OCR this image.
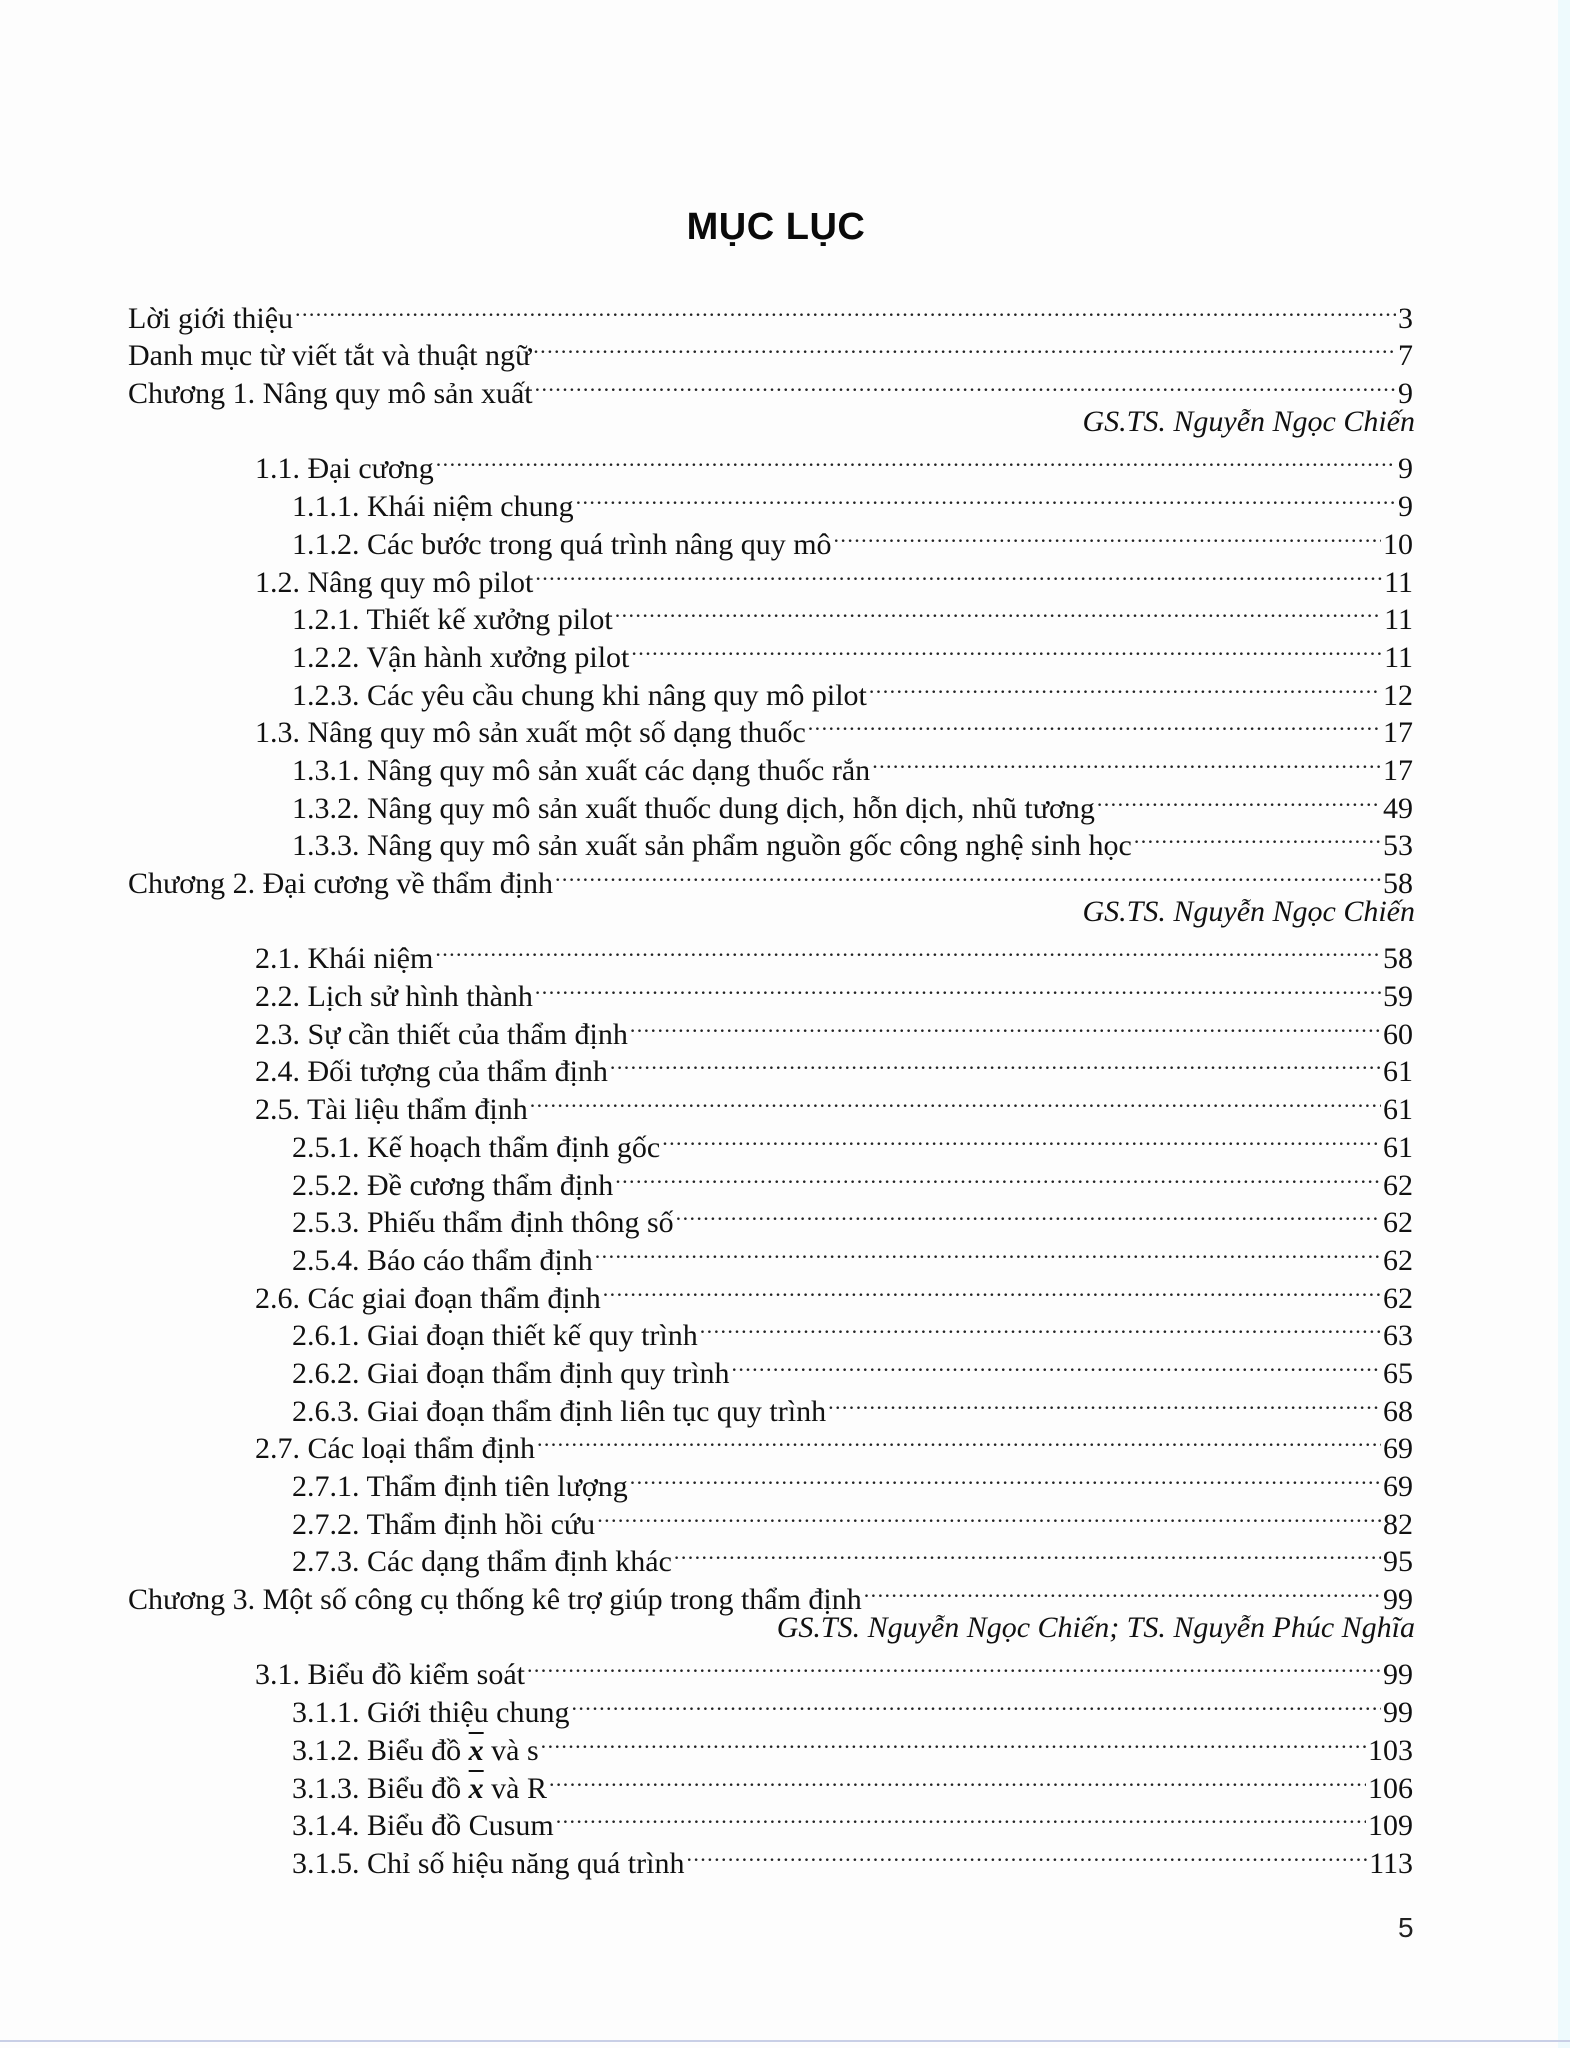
MỤC LỤC
Lời giới thiệu .....	3
Danh mục từ viết tắt và thuật ngữ .....	7
Chương 1. Nâng quy mô sản xuất .....	9
GS.TS. Nguyễn Ngọc Chiến
1.1. Đại cương .....	9
1.1.1. Khái niệm chung .....	9
1.1.2. Các bước trong quá trình nâng quy mô .....	10
1.2. Nâng quy mô pilot .....	11
1.2.1. Thiết kế xưởng pilot .....	11
1.2.2. Vận hành xưởng pilot .....	11
1.2.3. Các yêu cầu chung khi nâng quy mô pilot .....	12
1.3. Nâng quy mô sản xuất một số dạng thuốc .....	17
1.3.1. Nâng quy mô sản xuất các dạng thuốc rắn .....	17
1.3.2. Nâng quy mô sản xuất thuốc dung dịch, hỗn dịch, nhũ tương .....	49
1.3.3. Nâng quy mô sản xuất sản phẩm nguồn gốc công nghệ sinh học .....	53
Chương 2. Đại cương về thẩm định .....	58
GS.TS. Nguyễn Ngọc Chiến
2.1. Khái niệm .....	58
2.2. Lịch sử hình thành .....	59
2.3. Sự cần thiết của thẩm định .....	60
2.4. Đối tượng của thẩm định .....	61
2.5. Tài liệu thẩm định .....	61
2.5.1. Kế hoạch thẩm định gốc .....	61
2.5.2. Đề cương thẩm định .....	62
2.5.3. Phiếu thẩm định thông số .....	62
2.5.4. Báo cáo thẩm định .....	62
2.6. Các giai đoạn thẩm định .....	62
2.6.1. Giai đoạn thiết kế quy trình .....	63
2.6.2. Giai đoạn thẩm định quy trình .....	65
2.6.3. Giai đoạn thẩm định liên tục quy trình .....	68
2.7. Các loại thẩm định .....	69
2.7.1. Thẩm định tiên lượng .....	69
2.7.2. Thẩm định hồi cứu .....	82
2.7.3. Các dạng thẩm định khác .....	95
Chương 3. Một số công cụ thống kê trợ giúp trong thẩm định .....	99
GS.TS. Nguyễn Ngọc Chiến; TS. Nguyễn Phúc Nghĩa
3.1. Biểu đồ kiểm soát .....	99
3.1.1. Giới thiệu chung .....	99
3.1.2. Biểu đồ $\overline{x}$ và s .....	103
3.1.3. Biểu đồ $\overline{x}$ và R .....	106
3.1.4. Biểu đồ Cusum .....	109
3.1.5. Chỉ số hiệu năng quá trình .....	113
5
